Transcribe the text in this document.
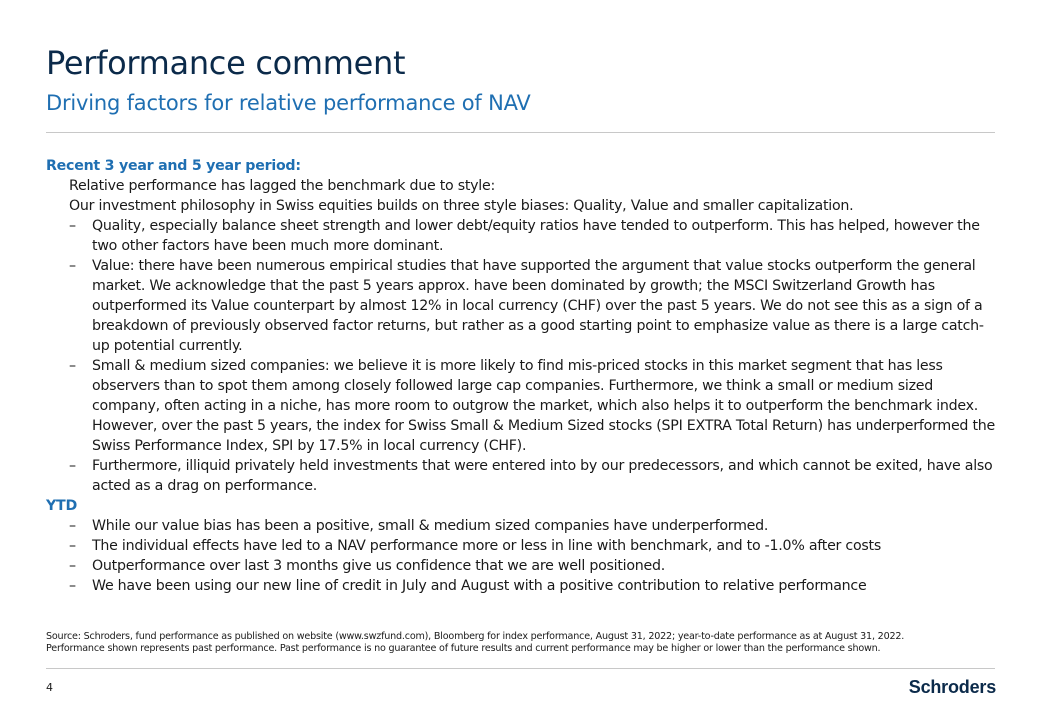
Performance comment
Driving factors for relative performance of NAV

Recent 3 year and 5 year period:

Relative performance has lagged the benchmark due to style:

Our investment philosophy in Swiss equities builds on three style biases: Quality, Value and smaller capitalization.

– Quality, especially balance sheet strength and lower debt/equity ratios have tended to outperform. This has helped, however the two other factors have been much more dominant.
– Value: there have been numerous empirical studies that have supported the argument that value stocks outperform the general market. We acknowledge that the past 5 years approx. have been dominated by growth; the MSCI Switzerland Growth has outperformed its Value counterpart by almost 12% in local currency (CHF) over the past 5 years. We do not see this as a sign of a breakdown of previously observed factor returns, but rather as a good starting point to emphasize value as there is a large catch-up potential currently.
– Small & medium sized companies: we believe it is more likely to find mis-priced stocks in this market segment that has less observers than to spot them among closely followed large cap companies. Furthermore, we think a small or medium sized company, often acting in a niche, has more room to outgrow the market, which also helps it to outperform the benchmark index. However, over the past 5 years, the index for Swiss Small & Medium Sized stocks (SPI EXTRA Total Return) has underperformed the Swiss Performance Index, SPI by 17.5% in local currency (CHF).
– Furthermore, illiquid privately held investments that were entered into by our predecessors, and which cannot be exited, have also acted as a drag on performance.

YTD

– While our value bias has been a positive, small & medium sized companies have underperformed.
– The individual effects have led to a NAV performance more or less in line with benchmark, and to -1.0% after costs
– Outperformance over last 3 months give us confidence that we are well positioned.
– We have been using our new line of credit in July and August with a positive contribution to relative performance

Source: Schroders, fund performance as published on website (www.swzfund.com), Bloomberg for index performance, August 31, 2022; year-to-date performance as at August 31, 2022.

Performance shown represents past performance. Past performance is no guarantee of future results and current performance may be higher or lower than the performance shown.

4	Schroders
